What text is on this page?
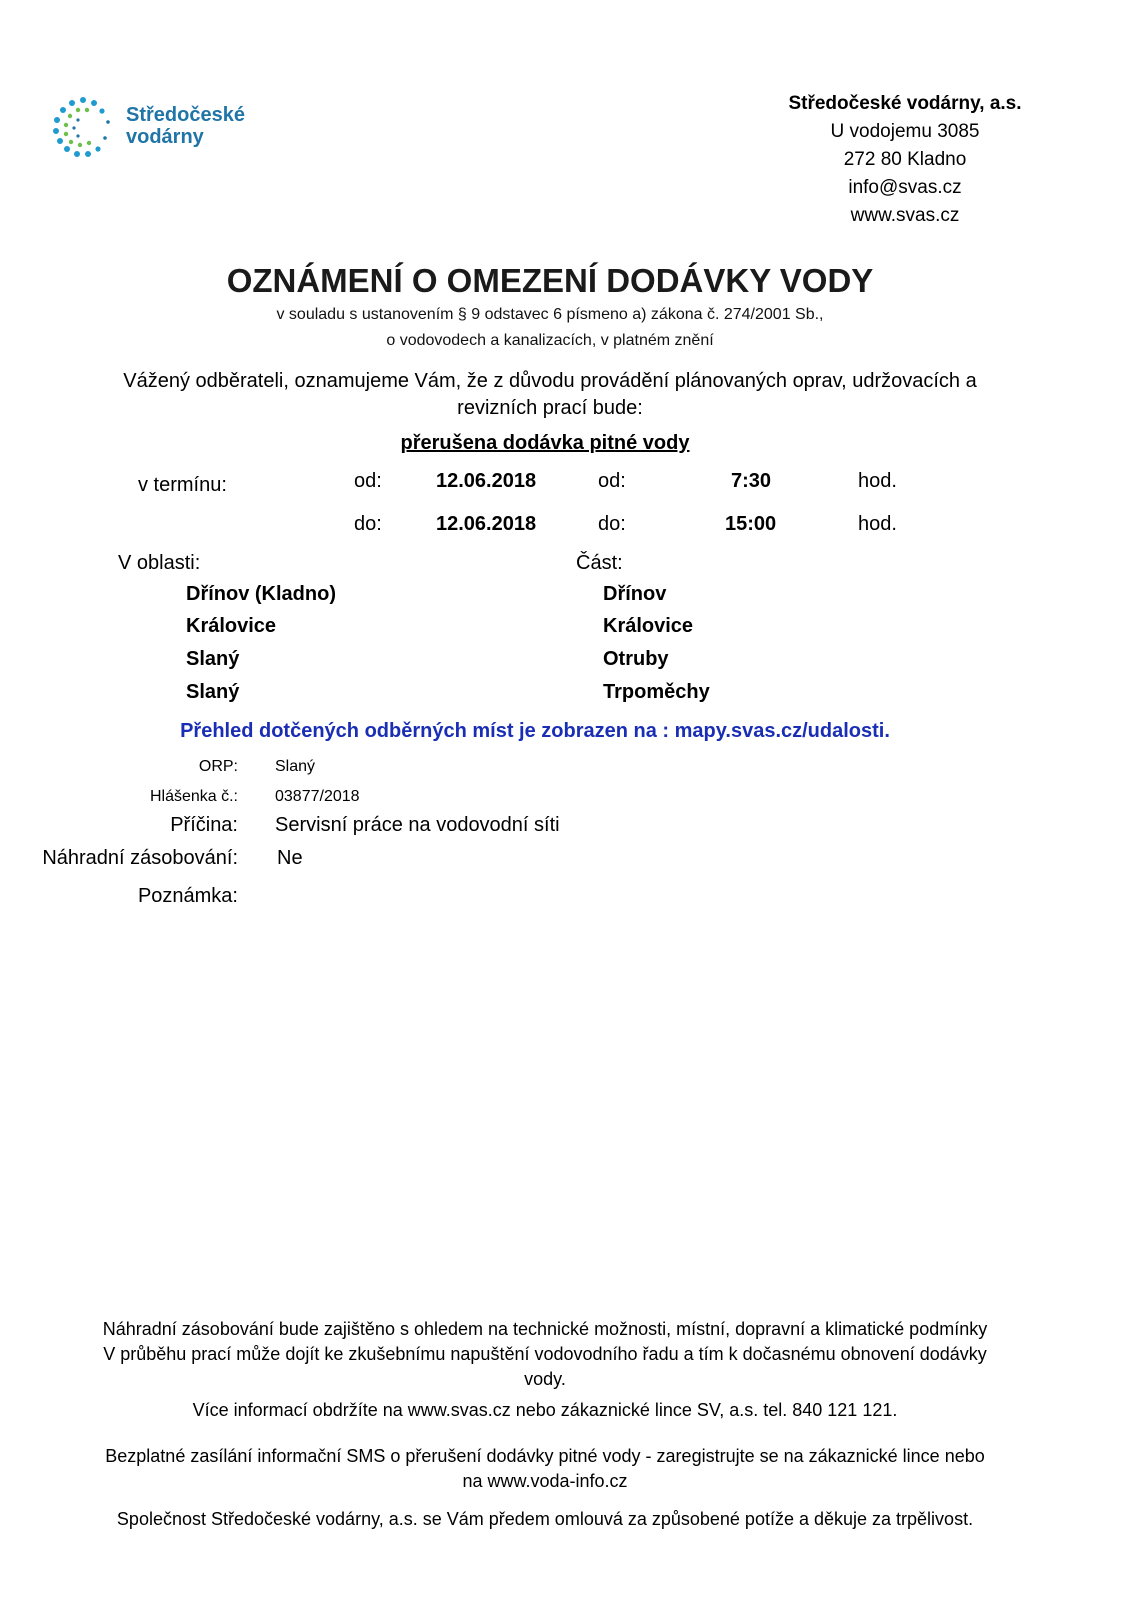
Středočeské
vodárny
Středočeské vodárny, a.s.
U vodojemu 3085
272 80 Kladno
info@svas.cz
www.svas.cz
OZNÁMENÍ O OMEZENÍ DODÁVKY VODY
v souladu s ustanovením § 9 odstavec 6 písmeno a) zákona č. 274/2001 Sb.,
o vodovodech a kanalizacích, v platném znění
Vážený odběrateli, oznamujeme Vám, že z důvodu provádění plánovaných oprav, udržovacích a
revizních prací bude:
přerušena dodávka pitné vody
v termínu:	od:	12.06.2018	od:	7:30	hod.
do:	12.06.2018	do:	15:00	hod.
V oblasti:	Část:
Dřínov (Kladno)	Dřínov
Královice	Královice
Slaný	Otruby
Slaný	Trpoměchy
Přehled dotčených odběrných míst je zobrazen na : mapy.svas.cz/udalosti.
ORP: Slaný
Hlášenka č.: 03877/2018
Příčina: Servisní práce na vodovodní síti
Náhradní zásobování: Ne
Poznámka:
Náhradní zásobování bude zajištěno s ohledem na technické možnosti, místní, dopravní a klimatické podmínky
V průběhu prací může dojít ke zkušebnímu napuštění vodovodního řadu a tím k dočasnému obnovení dodávky
vody.
Více informací obdržíte na www.svas.cz nebo zákaznické lince SV, a.s. tel. 840 121 121.
Bezplatné zasílání informační SMS o přerušení dodávky pitné vody - zaregistrujte se na zákaznické lince nebo
na www.voda-info.cz
Společnost Středočeské vodárny, a.s. se Vám předem omlouvá za způsobené potíže a děkuje za trpělivost.
